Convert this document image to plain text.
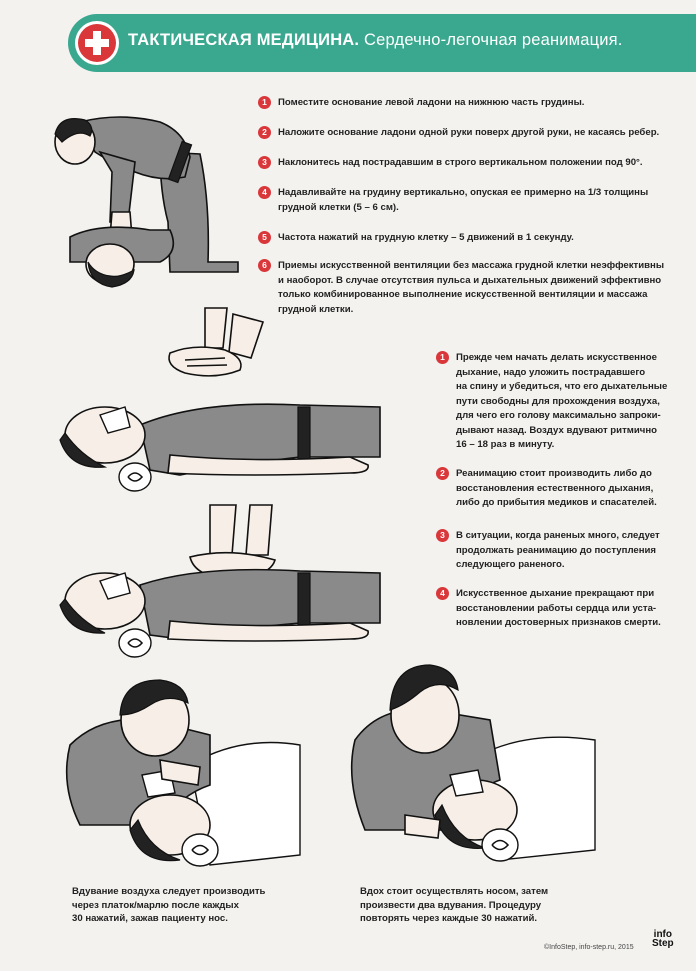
ТАКТИЧЕСКАЯ МЕДИЦИНА. Сердечно-легочная реанимация.
1	Поместите основание левой ладони на нижнюю часть грудины.
2	Наложите основание ладони одной руки поверх другой руки, не касаясь ребер.
3	Наклонитесь над пострадавшим в строго вертикальном положении под 90°.
4	Надавливайте на грудину вертикально, опуская ее примерно на 1/3 толщины
грудной клетки (5 – 6 см).
5	Частота нажатий на грудную клетку – 5 движений в 1 секунду.
6	Приемы искусственной вентиляции без массажа грудной клетки неэффективны
и наоборот. В случае отсутствия пульса и дыхательных движений эффективно
только комбинированное выполнение искусственной вентиляции и массажа
грудной клетки.
1	Прежде чем начать делать искусственное
дыхание, надо уложить пострадавшего
на спину и убедиться, что его дыхательные
пути свободны для прохождения воздуха,
для чего его голову максимально запроки-
дывают назад. Воздух вдувают ритмично
16 – 18 раз в минуту.
2	Реанимацию стоит производить либо до
восстановления естественного дыхания,
либо до прибытия медиков и спасателей.
3	В ситуации, когда раненых много, следует
продолжать реанимацию до поступления
следующего раненого.
4	Искусственное дыхание прекращают при
восстановлении работы сердца или уста-
новлении достоверных признаков смерти.
Вдувание воздуха следует производить
через платок/марлю после каждых
30 нажатий, зажав пациенту нос.
Вдох стоит осуществлять носом, затем
произвести два вдувания. Процедуру
повторять через каждые 30 нажатий.
©InfoStep, info-step.ru, 2015
info
Step
